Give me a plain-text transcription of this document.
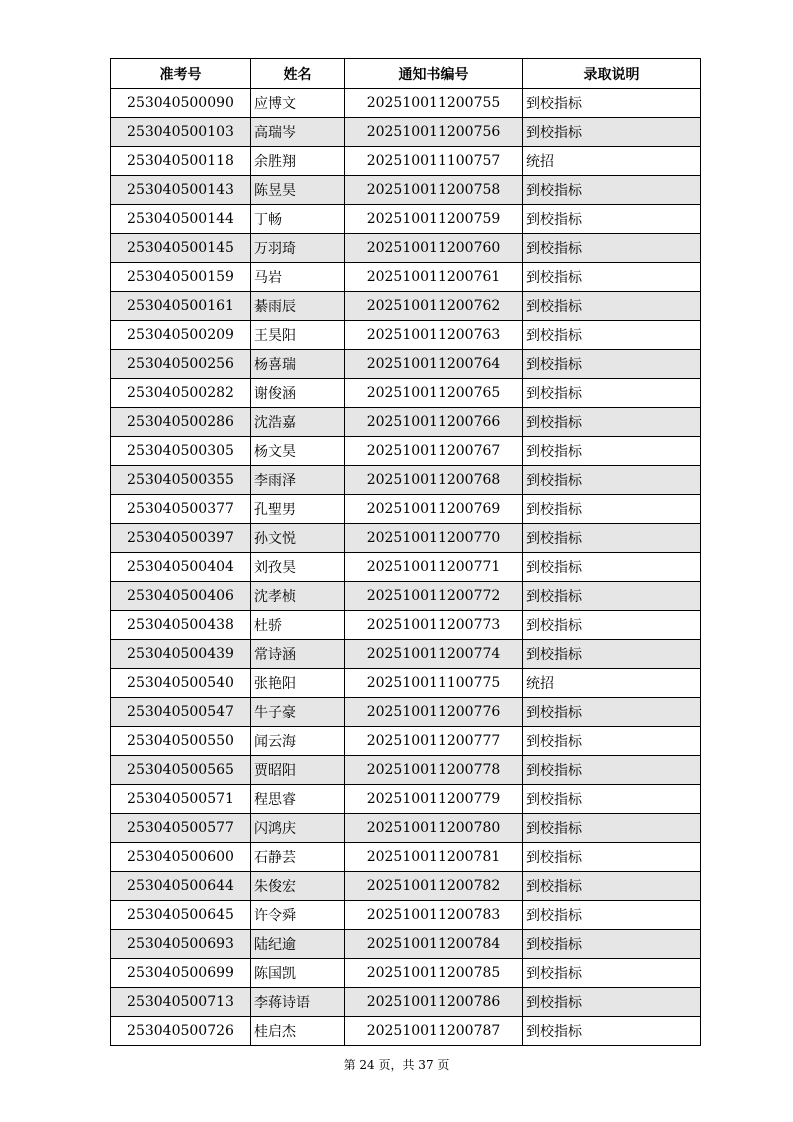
准考号	姓名	通知书编号	录取说明
253040500090	应博文	202510011200755	到校指标
253040500103	高瑞岑	202510011200756	到校指标
253040500118	余胜翔	202510011100757	统招
253040500143	陈昱昊	202510011200758	到校指标
253040500144	丁畅	202510011200759	到校指标
253040500145	万羽琦	202510011200760	到校指标
253040500159	马岩	202510011200761	到校指标
253040500161	綦雨辰	202510011200762	到校指标
253040500209	王昊阳	202510011200763	到校指标
253040500256	杨喜瑞	202510011200764	到校指标
253040500282	谢俊涵	202510011200765	到校指标
253040500286	沈浩嘉	202510011200766	到校指标
253040500305	杨文昊	202510011200767	到校指标
253040500355	李雨泽	202510011200768	到校指标
253040500377	孔聖男	202510011200769	到校指标
253040500397	孙文悦	202510011200770	到校指标
253040500404	刘孜昊	202510011200771	到校指标
253040500406	沈孝桢	202510011200772	到校指标
253040500438	杜骄	202510011200773	到校指标
253040500439	常诗涵	202510011200774	到校指标
253040500540	张艳阳	202510011100775	统招
253040500547	牛子豪	202510011200776	到校指标
253040500550	闻云海	202510011200777	到校指标
253040500565	贾昭阳	202510011200778	到校指标
253040500571	程思睿	202510011200779	到校指标
253040500577	闪鸿庆	202510011200780	到校指标
253040500600	石静芸	202510011200781	到校指标
253040500644	朱俊宏	202510011200782	到校指标
253040500645	许令舜	202510011200783	到校指标
253040500693	陆纪逾	202510011200784	到校指标
253040500699	陈国凯	202510011200785	到校指标
253040500713	李蒋诗语	202510011200786	到校指标
253040500726	桂启杰	202510011200787	到校指标
第 24 页，共 37 页
